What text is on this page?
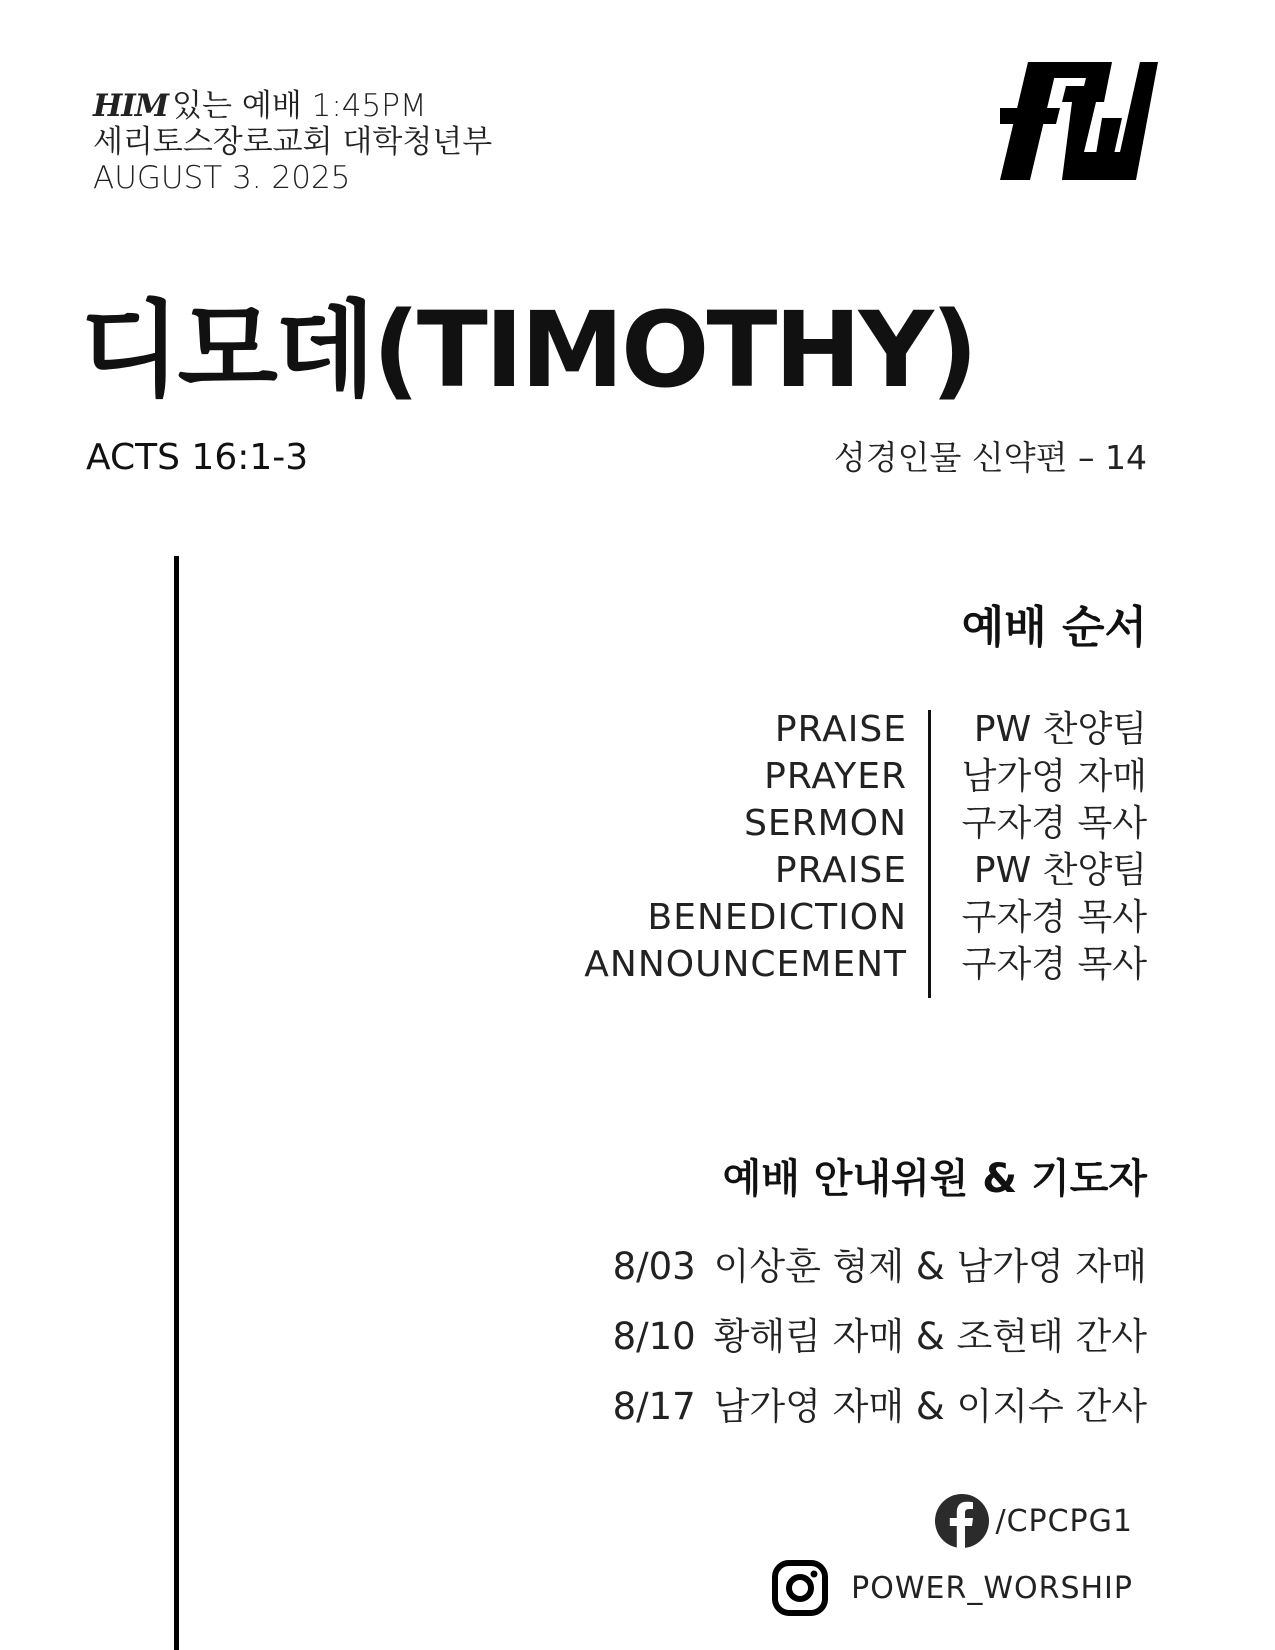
HIM 있는 예배 1:45PM
세리토스장로교회 대학청년부
AUGUST 3. 2025
디모데(TIMOTHY)
ACTS 16:1-3	성경인물 신약편 – 14
예배 순서
PRAISE
PRAYER
SERMON
PRAISE
BENEDICTION
ANNOUNCEMENT
PW 찬양팀
남가영 자매
구자경 목사
PW 찬양팀
구자경 목사
구자경 목사
예배 안내위원 & 기도자
8/03 이상훈 형제 & 남가영 자매
8/10 황해림 자매 & 조현태 간사
8/17 남가영 자매 & 이지수 간사
/CPCPG1
POWER_WORSHIP
